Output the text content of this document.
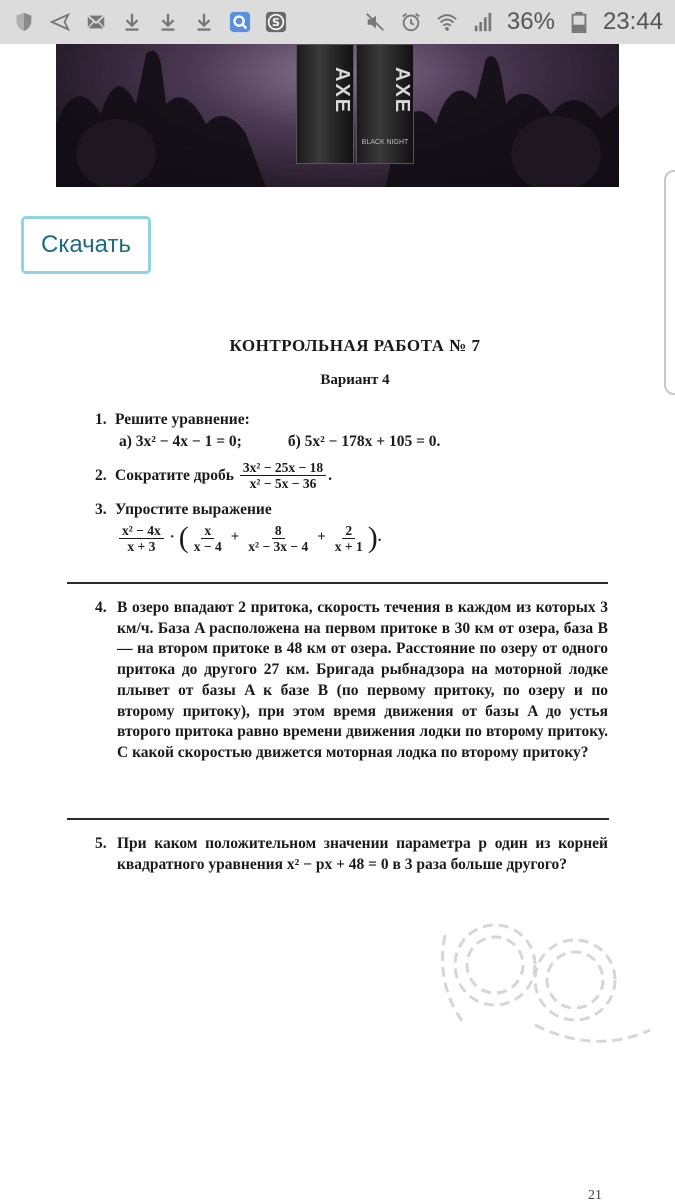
S	36% 23:44
AXE	AXE
BLACK NIGHT
Скачать
КОНТРОЛЬНАЯ РАБОТА № 7
Вариант 4
1. Решите уравнение:
а) 3x² − 4x − 1 = 0;	б) 5x² − 178x + 105 = 0.
2. Сократите дробь $\frac{\text{3x² − 25x − 18}}{\text{x² − 5x − 36}}$ .
3. Упростите выражение
$\frac{\text{x² − 4x}}{x + 3}$ · ( $\frac{x}{x - 4} + \frac{8}{\text{x² − 3x − 4}} + \frac{2}{x + 1}$ ) .
4. В озеро впадают 2 притока, скорость течения в каждом из которых 3 км/ч. База A расположена на первом притоке в 30 км от озера, база B — на втором притоке в 48 км от озера. Расстояние по озеру от одного притока до другого 27 км. Бригада рыбнадзора на моторной лодке плывет от базы A к базе B (по первому притоку, по озеру и по второму притоку), при этом время движения от базы A до устья второго притока равно времени движения лодки по второму притоку. С какой скоростью движется моторная лодка по второму притоку?
5. При каком положительном значении параметра p один из корней квадратного уравнения x² − px + 48 = 0 в 3 раза больше другого?
21
